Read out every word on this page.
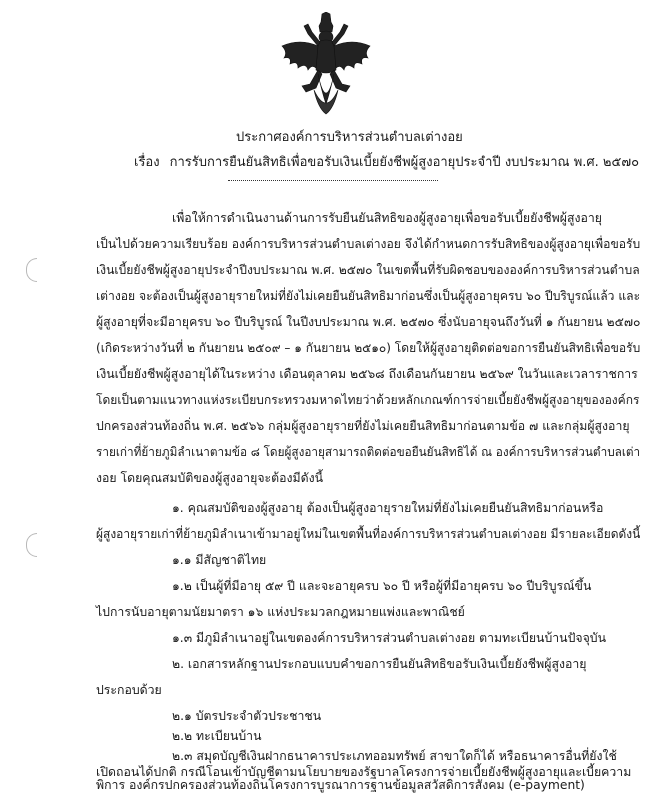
ประกาศองค์การบริหารส่วนตำบลเต่างอย
เรื่อง การรับการยืนยันสิทธิเพื่อขอรับเงินเบี้ยยังชีพผู้สูงอายุประจำปี งบประมาณ พ.ศ. ๒๕๗๐
เพื่อให้การดำเนินงานด้านการรับยืนยันสิทธิของผู้สูงอายุเพื่อขอรับเบี้ยยังชีพผู้สูงอายุ
เป็นไปด้วยความเรียบร้อย องค์การบริหารส่วนตำบลเต่างอย จึงได้กำหนดการรับสิทธิของผู้สูงอายุเพื่อขอรับ
เงินเบี้ยยังชีพผู้สูงอายุประจำปีงบประมาณ พ.ศ. ๒๕๗๐ ในเขตพื้นที่รับผิดชอบขององค์การบริหารส่วนตำบล
เต่างอย จะต้องเป็นผู้สูงอายุรายใหม่ที่ยังไม่เคยยืนยันสิทธิมาก่อนซึ่งเป็นผู้สูงอายุครบ ๖๐ ปีบริบูรณ์แล้ว และ
ผู้สูงอายุที่จะมีอายุครบ ๖๐ ปีบริบูรณ์ ในปีงบประมาณ พ.ศ. ๒๕๗๐ ซึ่งนับอายุจนถึงวันที่ ๑ กันยายน ๒๕๗๐
(เกิดระหว่างวันที่ ๒ กันยายน ๒๕๐๙ – ๑ กันยายน ๒๕๑๐) โดยให้ผู้สูงอายุติดต่อขอการยืนยันสิทธิเพื่อขอรับ
เงินเบี้ยยังชีพผู้สูงอายุได้ในระหว่าง เดือนตุลาคม ๒๕๖๘ ถึงเดือนกันยายน ๒๕๖๙ ในวันและเวลาราชการ
โดยเป็นตามแนวทางแห่งระเบียบกระทรวงมหาดไทยว่าด้วยหลักเกณฑ์การจ่ายเบี้ยยังชีพผู้สูงอายุขององค์กร
ปกครองส่วนท้องถิ่น พ.ศ. ๒๕๖๖ กลุ่มผู้สูงอายุรายที่ยังไม่เคยยืนสิทธิมาก่อนตามข้อ ๗ และกลุ่มผู้สูงอายุ
รายเก่าที่ย้ายภูมิลำเนาตามข้อ ๘ โดยผู้สูงอายุสามารถติดต่อขอยืนยันสิทธิได้ ณ องค์การบริหารส่วนตำบลเต่า
งอย โดยคุณสมบัติของผู้สูงอายุจะต้องมีดังนี้
๑. คุณสมบัติของผู้สูงอายุ ต้องเป็นผู้สูงอายุรายใหม่ที่ยังไม่เคยยืนยันสิทธิมาก่อนหรือ
ผู้สูงอายุรายเก่าที่ย้ายภูมิลำเนาเข้ามาอยู่ใหม่ในเขตพื้นที่องค์การบริหารส่วนตำบลเต่างอย มีรายละเอียดดังนี้
๑.๑ มีสัญชาติไทย
๑.๒ เป็นผู้ที่มีอายุ ๕๙ ปี และจะอายุครบ ๖๐ ปี หรือผู้ที่มีอายุครบ ๖๐ ปีบริบูรณ์ขึ้น
ไปการนับอายุตามนัยมาตรา ๑๖ แห่งประมวลกฎหมายแพ่งและพาณิชย์
๑.๓ มีภูมิลำเนาอยู่ในเขตองค์การบริหารส่วนตำบลเต่างอย ตามทะเบียนบ้านปัจจุบัน
๒. เอกสารหลักฐานประกอบแบบคำขอการยืนยันสิทธิขอรับเงินเบี้ยยังชีพผู้สูงอายุ
ประกอบด้วย
๒.๑ บัตรประจำตัวประชาชน
๒.๒ ทะเบียนบ้าน
๒.๓ สมุดบัญชีเงินฝากธนาคารประเภทออมทรัพย์ สาขาใดก็ได้ หรือธนาคารอื่นที่ยังใช้
เปิดถอนได้ปกติ กรณีโอนเข้าบัญชีตามนโยบายของรัฐบาลโครงการจ่ายเบี้ยยังชีพผู้สูงอายุและเบี้ยความ
พิการ องค์กรปกครองส่วนท้องถิ่นโครงการบูรณาการฐานข้อมูลสวัสดิการสังคม (e-payment)
